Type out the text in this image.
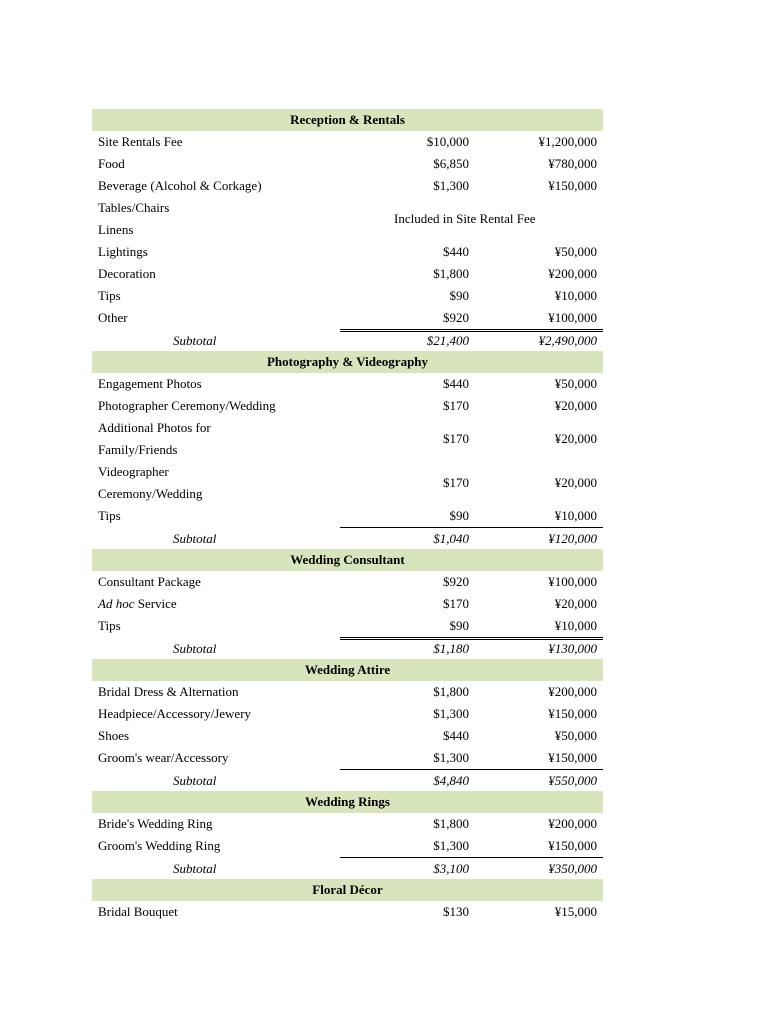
Reception & Rentals
Site Rentals Fee	$10,000	¥1,200,000
Food	$6,850	¥780,000
Beverage (Alcohol & Corkage)	$1,300	¥150,000
Tables/Chairs
Linens
Included in Site Rental Fee
Lightings	$440	¥50,000
Decoration	$1,800	¥200,000
Tips	$90	¥10,000
Other	$920	¥100,000
Subtotal	$21,400	¥2,490,000
Photography & Videography
Engagement Photos	$440	¥50,000
Photographer Ceremony/Wedding	$170	¥20,000
Additional Photos for
Family/Friends
$170	¥20,000
Videographer
Ceremony/Wedding
$170	¥20,000
Tips	$90	¥10,000
Subtotal	$1,040	¥120,000
Wedding Consultant
Consultant Package	$920	¥100,000
Ad hoc Service	$170	¥20,000
Tips	$90	¥10,000
Subtotal	$1,180	¥130,000
Wedding Attire
Bridal Dress & Alternation	$1,800	¥200,000
Headpiece/Accessory/Jewery	$1,300	¥150,000
Shoes	$440	¥50,000
Groom's wear/Accessory	$1,300	¥150,000
Subtotal	$4,840	¥550,000
Wedding Rings
Bride's Wedding Ring	$1,800	¥200,000
Groom's Wedding Ring	$1,300	¥150,000
Subtotal	$3,100	¥350,000
Floral Décor
Bridal Bouquet	$130	¥15,000
